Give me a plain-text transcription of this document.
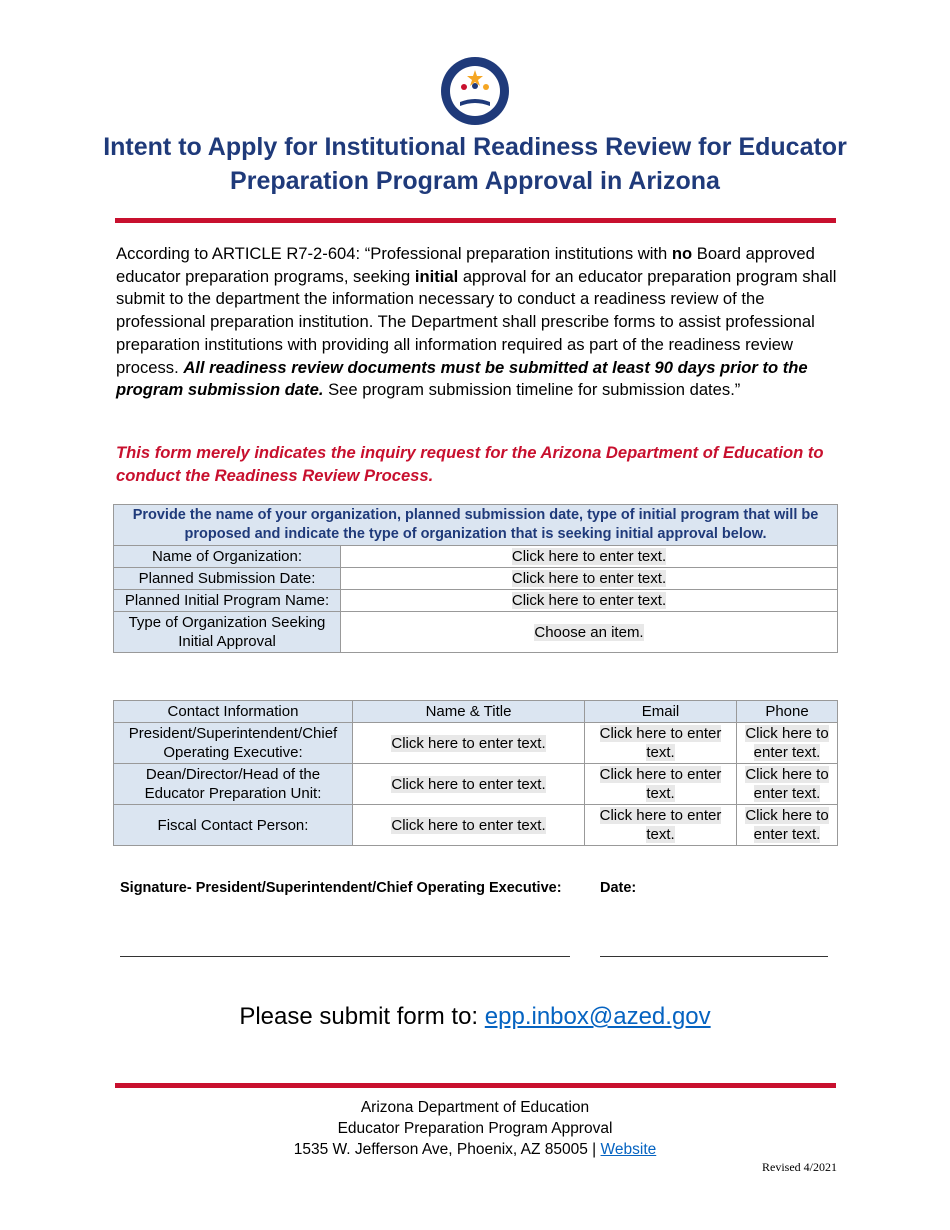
Intent to Apply for Institutional Readiness Review for Educator Preparation Program Approval in Arizona

According to ARTICLE R7-2-604: “Professional preparation institutions with no Board approved educator preparation programs, seeking initial approval for an educator preparation program shall submit to the department the information necessary to conduct a readiness review of the professional preparation institution. The Department shall prescribe forms to assist professional preparation institutions with providing all information required as part of the readiness review process. All readiness review documents must be submitted at least 90 days prior to the program submission date. See program submission timeline for submission dates.”

This form merely indicates the inquiry request for the Arizona Department of Education to conduct the Readiness Review Process.

Provide the name of your organization, planned submission date, type of initial program that will be proposed and indicate the type of organization that is seeking initial approval below.	
Name of Organization:	Click here to enter text.
Planned Submission Date:	Click here to enter text.
Planned Initial Program Name:	Click here to enter text.
Type of Organization Seeking Initial Approval	Choose an item.
Contact Information	Name & Title	Email	Phone
President/Superintendent/Chief Operating Executive:	Click here to enter text.	Click here to enter text.	Click here to enter text.
Dean/Director/Head of the Educator Preparation Unit:	Click here to enter text.	Click here to enter text.	Click here to enter text.
Fiscal Contact Person:	Click here to enter text.	Click here to enter text.	Click here to enter text.
Signature- President/Superintendent/Chief Operating Executive:	Date:
Please submit form to: epp.inbox@azed.gov
Arizona Department of Education
Educator Preparation Program Approval
1535 W. Jefferson Ave, Phoenix, AZ 85005 | Website
Revised 4/2021
